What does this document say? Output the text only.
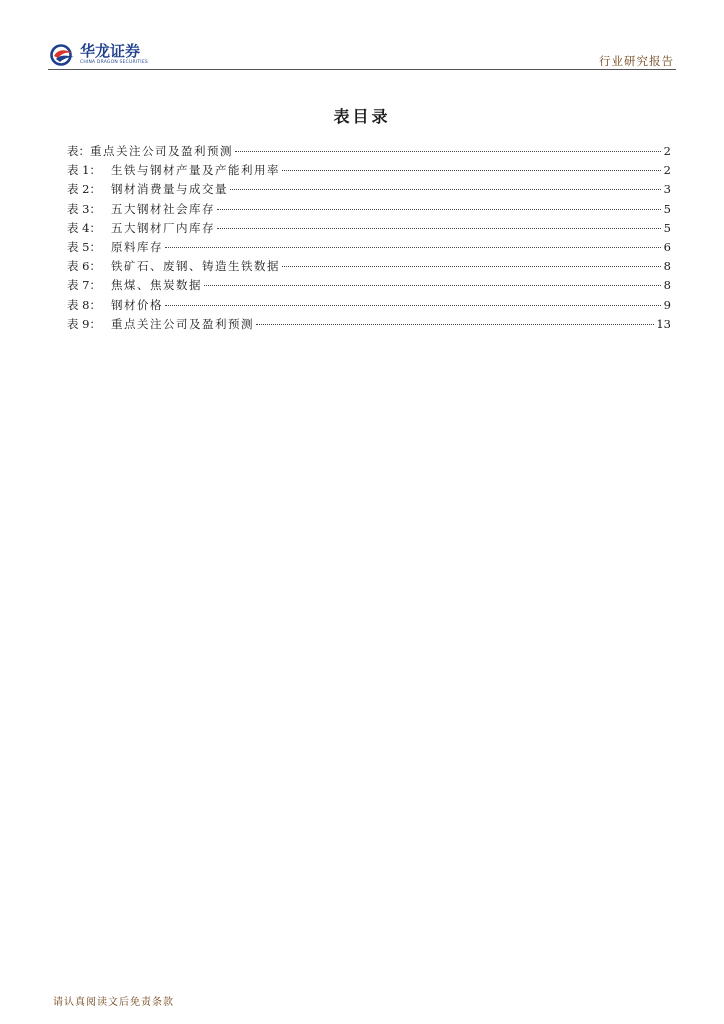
华龙证券
CHINA DRAGON SECURITIES	行业研究报告
表目录
表： 重点关注公司及盈利预测	2
表 1： 生铁与钢材产量及产能利用率	2
表 2： 钢材消费量与成交量	3
表 3： 五大钢材社会库存	5
表 4： 五大钢材厂内库存	5
表 5： 原料库存	6
表 6： 铁矿石、废钢、铸造生铁数据	8
表 7： 焦煤、焦炭数据	8
表 8： 钢材价格	9
表 9： 重点关注公司及盈利预测	13
请认真阅读文后免责条款
